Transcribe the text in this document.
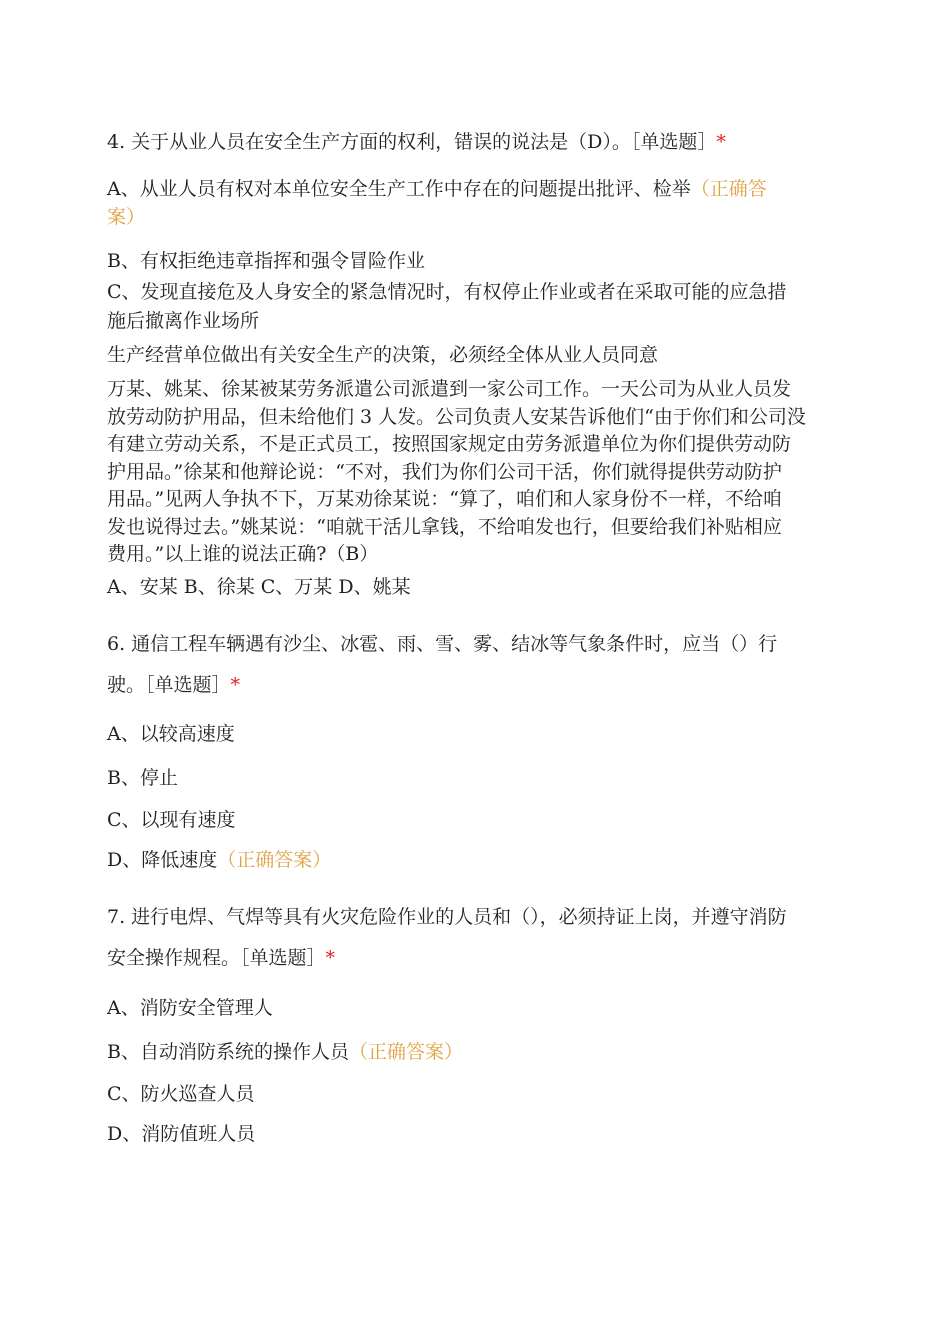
4. 关于从业人员在安全生产方面的权利，错误的说法是（D）。［单选题］*
A、从业人员有权对本单位安全生产工作中存在的问题提出批评、检举（正确答
案）
B、有权拒绝违章指挥和强令冒险作业
C、发现直接危及人身安全的紧急情况时，有权停止作业或者在采取可能的应急措
施后撤离作业场所
生产经营单位做出有关安全生产的决策，必须经全体从业人员同意
万某、姚某、徐某被某劳务派遣公司派遣到一家公司工作。一天公司为从业人员发
放劳动防护用品，但未给他们 3 人发。公司负责人安某告诉他们“由于你们和公司没
有建立劳动关系，不是正式员工，按照国家规定由劳务派遣单位为你们提供劳动防
护用品。”徐某和他辩论说：“不对，我们为你们公司干活，你们就得提供劳动防护
用品。”见两人争执不下，万某劝徐某说：“算了，咱们和人家身份不一样，不给咱
发也说得过去。”姚某说：“咱就干活儿拿钱，不给咱发也行，但要给我们补贴相应
费用。”以上谁的说法正确?（B）
A、安某 B、徐某 C、万某 D、姚某
6. 通信工程车辆遇有沙尘、冰雹、雨、雪、雾、结冰等气象条件时，应当（）行
驶。［单选题］*
A、以较高速度
B、停止
C、以现有速度
D、降低速度（正确答案）
7. 进行电焊、气焊等具有火灾危险作业的人员和（），必须持证上岗，并遵守消防
安全操作规程。［单选题］*
A、消防安全管理人
B、自动消防系统的操作人员（正确答案）
C、防火巡查人员
D、消防值班人员
